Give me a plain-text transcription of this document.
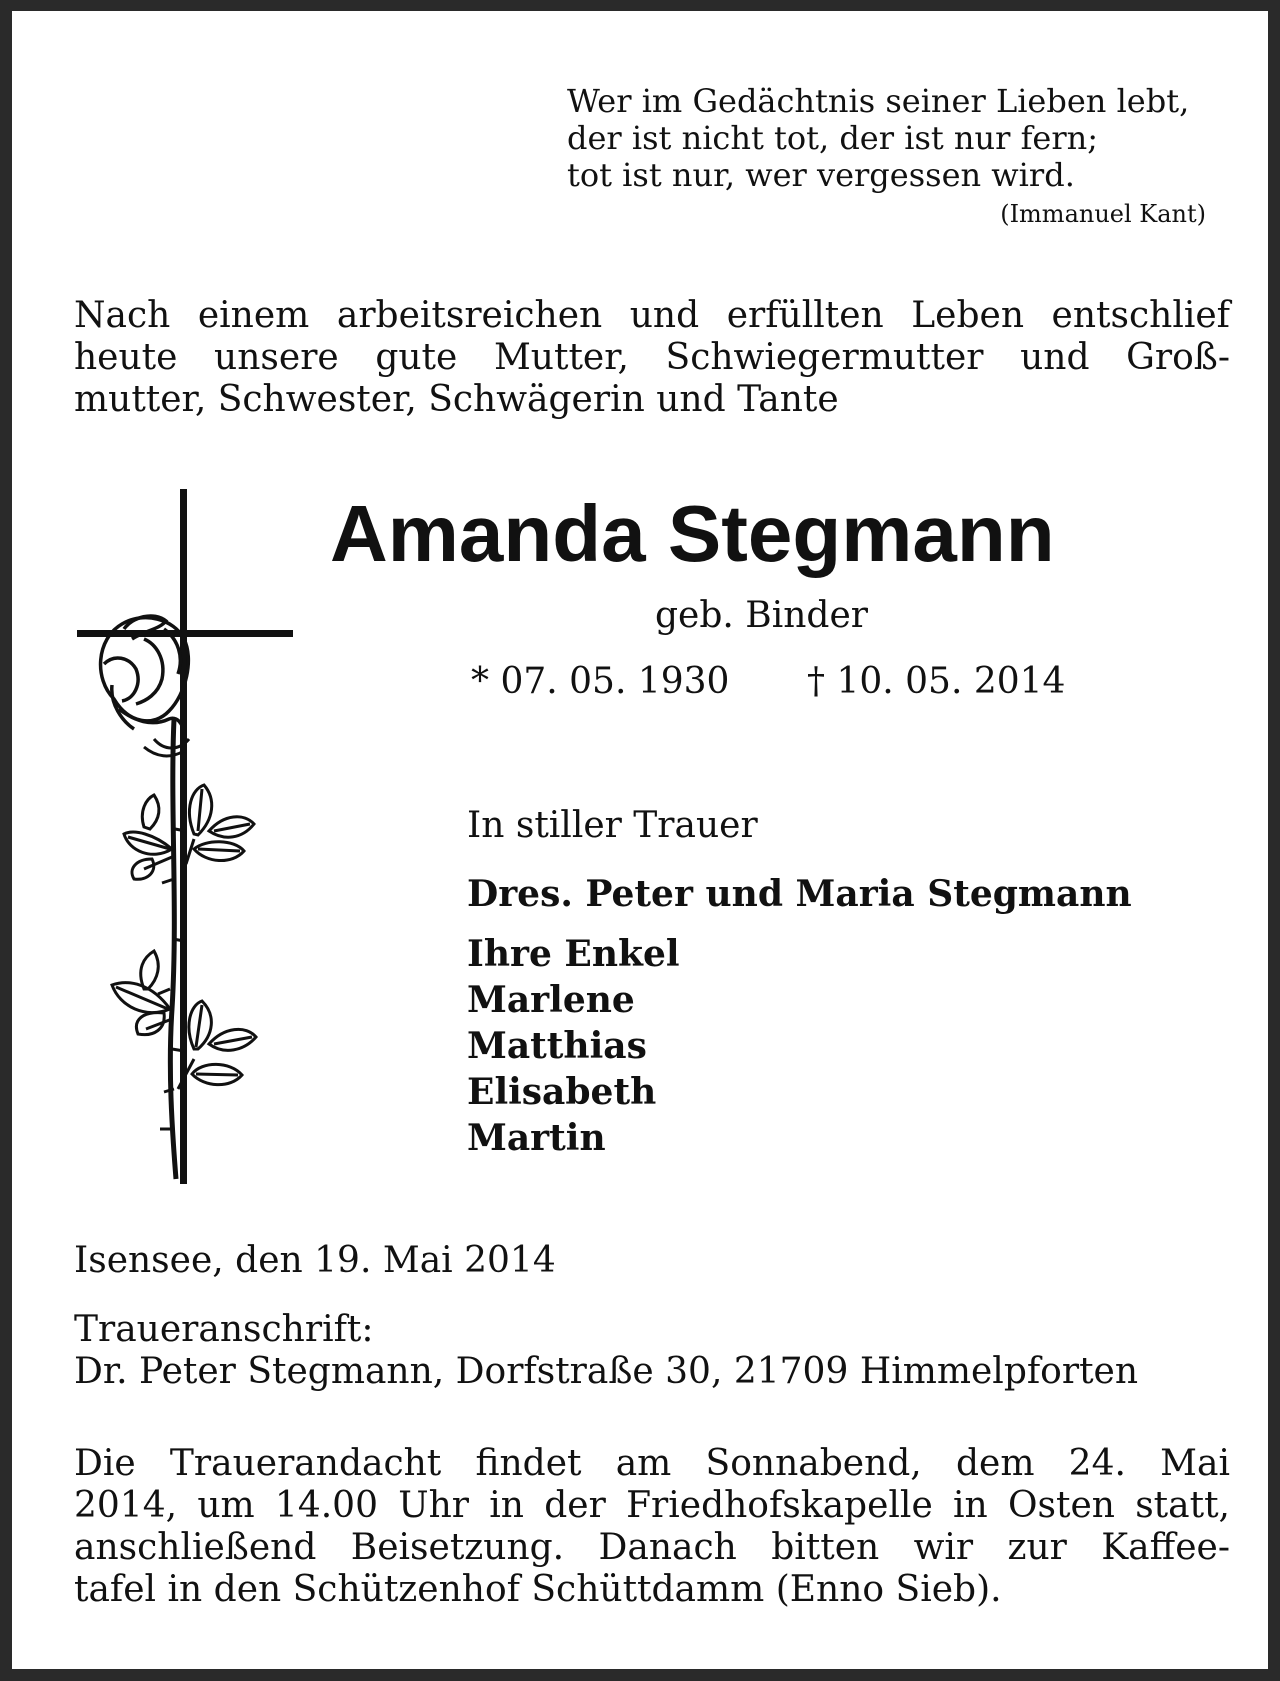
Wer im Gedächtnis seiner Lieben lebt,
der ist nicht tot, der ist nur fern;
tot ist nur, wer vergessen wird.
(Immanuel Kant)
Nach einem arbeitsreichen und erfüllten Leben entschlief
heute unsere gute Mutter, Schwiegermutter und Groß-
mutter, Schwester, Schwägerin und Tante
Amanda Stegmann
geb. Binder
* 07. 05. 1930 † 10. 05. 2014
In stiller Trauer
Dres. Peter und Maria Stegmann
Ihre Enkel
Marlene
Matthias
Elisabeth
Martin
Isensee, den 19. Mai 2014
Traueranschrift:
Dr. Peter Stegmann, Dorfstraße 30, 21709 Himmelpforten
Die Trauerandacht findet am Sonnabend, dem 24. Mai
2014, um 14.00 Uhr in der Friedhofskapelle in Osten statt,
anschließend Beisetzung. Danach bitten wir zur Kaffee-
tafel in den Schützenhof Schüttdamm (Enno Sieb).
